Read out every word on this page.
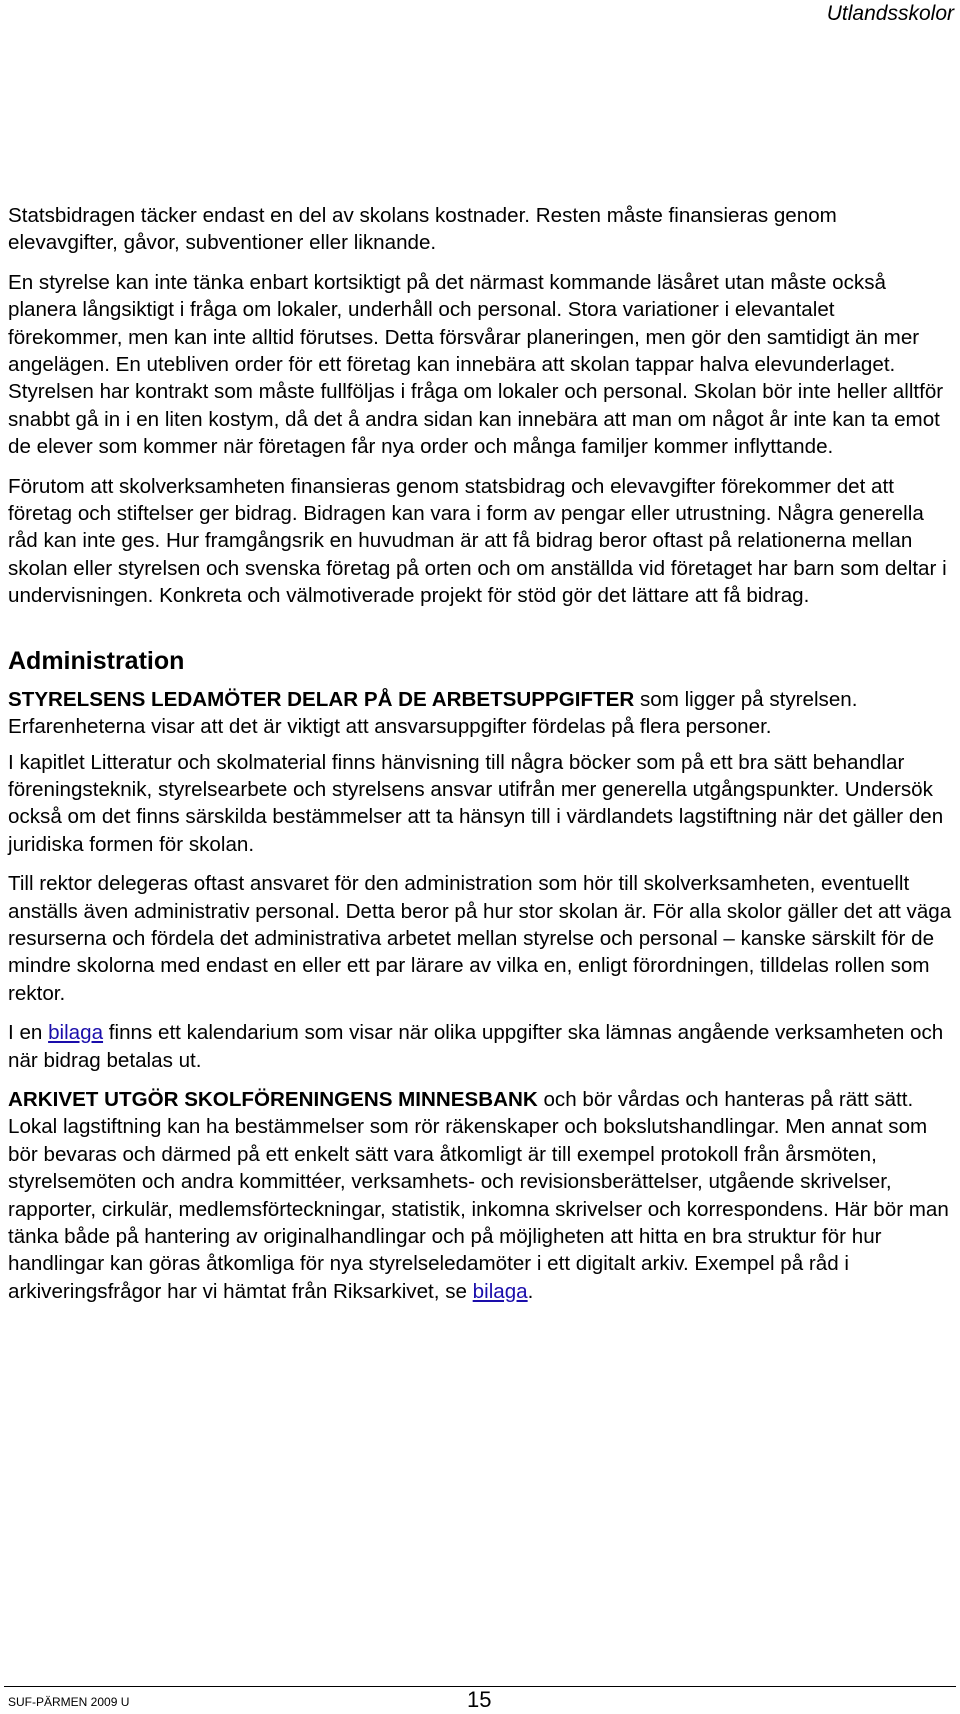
Utlandsskolor

Statsbidragen täcker endast en del av skolans kostnader. Resten måste finansieras genom elevavgifter, gåvor, subventioner eller liknande.

En styrelse kan inte tänka enbart kortsiktigt på det närmast kommande läsåret utan måste också planera långsiktigt i fråga om lokaler, underhåll och personal. Stora variationer i elevantalet förekommer, men kan inte alltid förutses. Detta försvårar planeringen, men gör den samtidigt än mer angelägen. En utebliven order för ett företag kan innebära att skolan tappar halva elevunderlaget. Styrelsen har kontrakt som måste fullföljas i fråga om lokaler och personal. Skolan bör inte heller alltför snabbt gå in i en liten kostym, då det å andra sidan kan innebära att man om något år inte kan ta emot de elever som kommer när företagen får nya order och många familjer kommer inflyttande.

Förutom att skolverksamheten finansieras genom statsbidrag och elevavgifter förekommer det att företag och stiftelser ger bidrag. Bidragen kan vara i form av pengar eller utrustning. Några generella råd kan inte ges. Hur framgångsrik en huvudman är att få bidrag beror oftast på relationerna mellan skolan eller styrelsen och svenska företag på orten och om anställda vid företaget har barn som deltar i undervisningen. Konkreta och välmotiverade projekt för stöd gör det lättare att få bidrag.

Administration

STYRELSENS LEDAMÖTER DELAR PÅ DE ARBETSUPPGIFTER som ligger på styrelsen. Erfarenheterna visar att det är viktigt att ansvarsuppgifter fördelas på flera personer.

I kapitlet Litteratur och skolmaterial finns hänvisning till några böcker som på ett bra sätt behandlar föreningsteknik, styrelsearbete och styrelsens ansvar utifrån mer generella utgångspunkter. Undersök också om det finns särskilda bestämmelser att ta hänsyn till i värdlandets lagstiftning när det gäller den juridiska formen för skolan.

Till rektor delegeras oftast ansvaret för den administration som hör till skolverksamheten, eventuellt anställs även administrativ personal. Detta beror på hur stor skolan är. För alla skolor gäller det att väga resurserna och fördela det administrativa arbetet mellan styrelse och personal – kanske särskilt för de mindre skolorna med endast en eller ett par lärare av vilka en, enligt förordningen, tilldelas rollen som rektor.

I en bilaga finns ett kalendarium som visar när olika uppgifter ska lämnas angående verksamheten och när bidrag betalas ut.

ARKIVET UTGÖR SKOLFÖRENINGENS MINNESBANK och bör vårdas och hanteras på rätt sätt. Lokal lagstiftning kan ha bestämmelser som rör räkenskaper och bokslutshandlingar. Men annat som bör bevaras och därmed på ett enkelt sätt vara åtkomligt är till exempel protokoll från årsmöten, styrelsemöten och andra kommittéer, verksamhets- och revisionsberättelser, utgående skrivelser, rapporter, cirkulär, medlemsförteckningar, statistik, inkomna skrivelser och korrespondens. Här bör man tänka både på hantering av originalhandlingar och på möjligheten att hitta en bra struktur för hur handlingar kan göras åtkomliga för nya styrelseledamöter i ett digitalt arkiv. Exempel på råd i arkiveringsfrågor har vi hämtat från Riksarkivet, se bilaga.

SUF-PÄRMEN 2009 U	15
